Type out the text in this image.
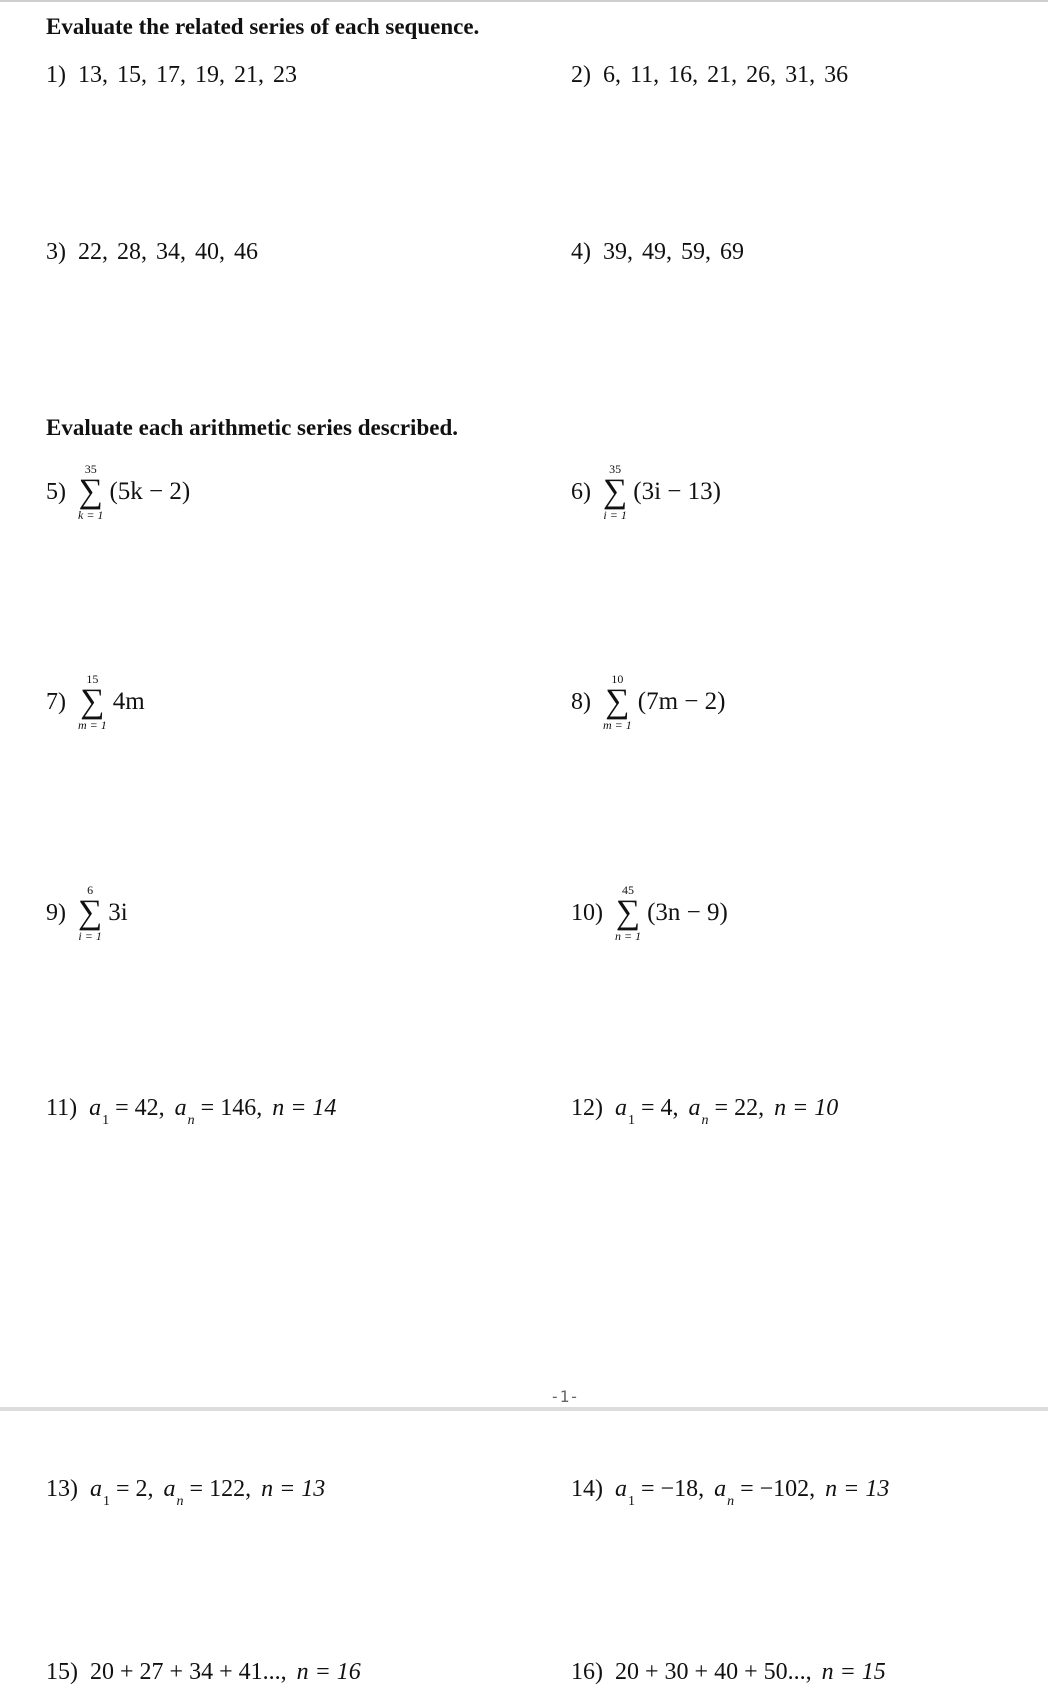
Evaluate the related series of each sequence.
1) 13, 15, 17, 19, 21, 23	2) 6, 11, 16, 21, 26, 31, 36
3) 22, 28, 34, 40, 46	4) 39, 49, 59, 69
Evaluate each arithmetic series described.
5)
35
∑
k = 1
(5k − 2)	6)
35
∑
i = 1
(3i − 13)
7)
15
∑
m = 1
4m	8)
10
∑
m = 1
(7m − 2)
9)
6
∑
i = 1
3i	10)
45
∑
n = 1
(3n − 9)
11) a 1 = 42, a n = 146, n = 14	12) a 1 = 4, a n = 22, n = 10
-1-
13) a 1 = 2, a n = 122, n = 13	14) a 1 = −18, a n = −102, n = 13
15) 20 + 27 + 34 + 41..., n = 16	16) 20 + 30 + 40 + 50..., n = 15
